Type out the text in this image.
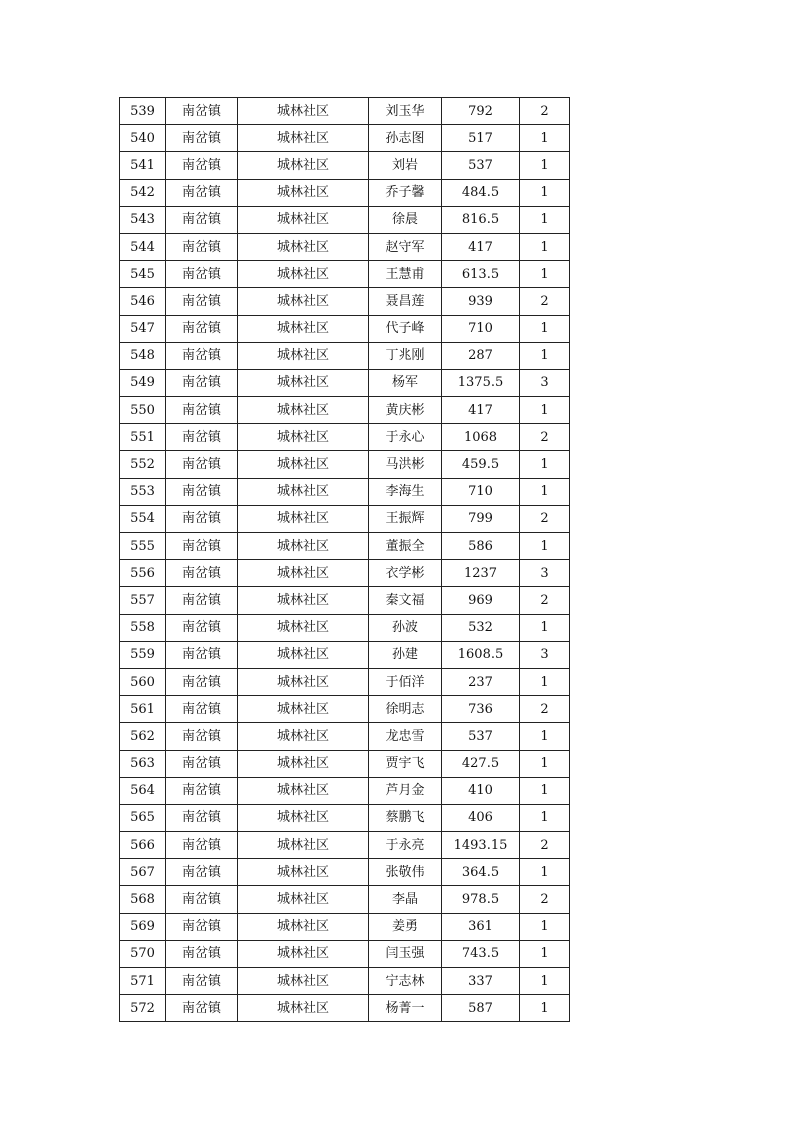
539	南岔镇	城林社区	刘玉华	792	2
540	南岔镇	城林社区	孙志图	517	1
541	南岔镇	城林社区	刘岩	537	1
542	南岔镇	城林社区	乔子馨	484.5	1
543	南岔镇	城林社区	徐晨	816.5	1
544	南岔镇	城林社区	赵守军	417	1
545	南岔镇	城林社区	王慧甫	613.5	1
546	南岔镇	城林社区	聂昌莲	939	2
547	南岔镇	城林社区	代子峰	710	1
548	南岔镇	城林社区	丁兆刚	287	1
549	南岔镇	城林社区	杨军	1375.5	3
550	南岔镇	城林社区	黄庆彬	417	1
551	南岔镇	城林社区	于永心	1068	2
552	南岔镇	城林社区	马洪彬	459.5	1
553	南岔镇	城林社区	李海生	710	1
554	南岔镇	城林社区	王振辉	799	2
555	南岔镇	城林社区	董振全	586	1
556	南岔镇	城林社区	衣学彬	1237	3
557	南岔镇	城林社区	秦文福	969	2
558	南岔镇	城林社区	孙波	532	1
559	南岔镇	城林社区	孙建	1608.5	3
560	南岔镇	城林社区	于佰洋	237	1
561	南岔镇	城林社区	徐明志	736	2
562	南岔镇	城林社区	龙忠雪	537	1
563	南岔镇	城林社区	贾宇飞	427.5	1
564	南岔镇	城林社区	芦月金	410	1
565	南岔镇	城林社区	蔡鹏飞	406	1
566	南岔镇	城林社区	于永亮	1493.15	2
567	南岔镇	城林社区	张敬伟	364.5	1
568	南岔镇	城林社区	李晶	978.5	2
569	南岔镇	城林社区	姜勇	361	1
570	南岔镇	城林社区	闫玉强	743.5	1
571	南岔镇	城林社区	宁志林	337	1
572	南岔镇	城林社区	杨菁一	587	1
